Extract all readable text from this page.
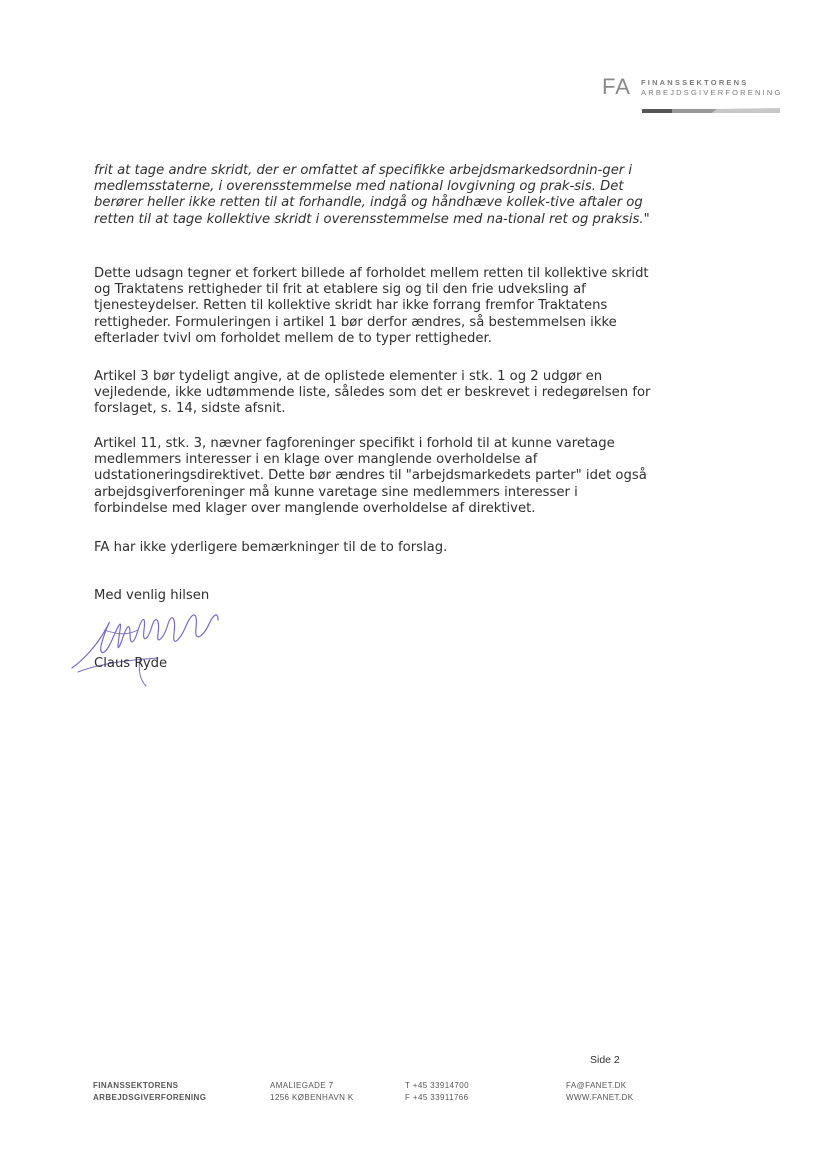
FA FINANSSEKTORENS
ARBEJDSGIVERFORENING

frit at tage andre skridt, der er omfattet af specifikke arbejdsmarkedsordnin-ger i medlemsstaterne, i overensstemmelse med national lovgivning og prak-sis. Det berører heller ikke retten til at forhandle, indgå og håndhæve kollek-tive aftaler og retten til at tage kollektive skridt i overensstemmelse med na-tional ret og praksis."

Dette udsagn tegner et forkert billede af forholdet mellem retten til kollektive skridt og Traktatens rettigheder til frit at etablere sig og til den frie udveksling af tjenesteydelser. Retten til kollektive skridt har ikke forrang fremfor Traktatens rettigheder. Formuleringen i artikel 1 bør derfor ændres, så bestemmelsen ikke efterlader tvivl om forholdet mellem de to typer rettigheder.

Artikel 3 bør tydeligt angive, at de oplistede elementer i stk. 1 og 2 udgør en vejledende, ikke udtømmende liste, således som det er beskrevet i redegørelsen for forslaget, s. 14, sidste afsnit.

Artikel 11, stk. 3, nævner fagforeninger specifikt i forhold til at kunne varetage medlemmers interesser i en klage over manglende overholdelse af udstationeringsdirektivet. Dette bør ændres til "arbejdsmarkedets parter" idet også arbejdsgiverforeninger må kunne varetage sine medlemmers interesser i forbindelse med klager over manglende overholdelse af direktivet.

FA har ikke yderligere bemærkninger til de to forslag.

Med venlig hilsen
Claus Ryde
Side 2
FINANSSEKTORENS
ARBEJDSGIVERFORENING
AMALIEGADE 7
1256 KØBENHAVN K
T +45 33914700
F +45 33911766
FA@FANET.DK
WWW.FANET.DK
